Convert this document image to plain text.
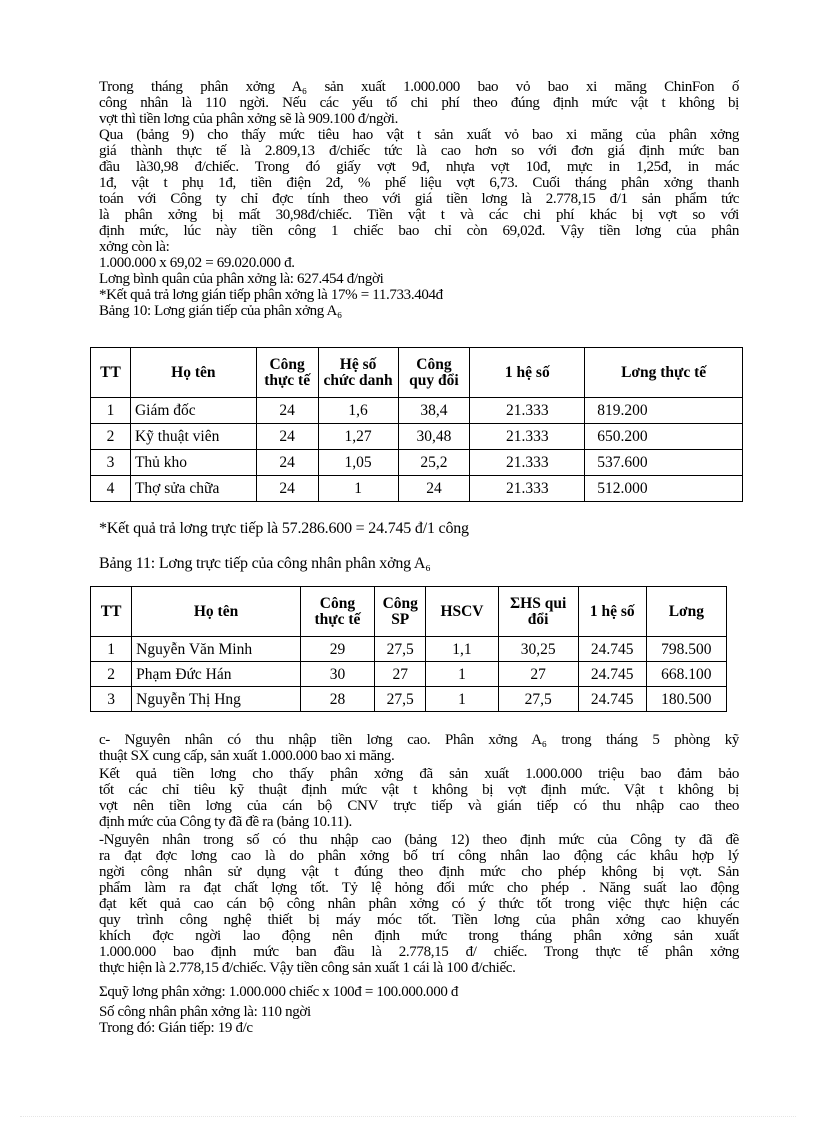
Trong tháng phân xởng A₆ sản xuất 1.000.000 bao vỏ bao xi măng ChinFon ố
công nhân là 110 ngời. Nếu các yếu tố chi phí theo đúng định mức vật t không bị
vợt thì tiền lơng của phân xởng sẽ là 909.100 đ/ngời.
Qua (bảng 9) cho thấy mức tiêu hao vật t sản xuất vỏ bao xi măng của phân xởng
giá thành thực tế là 2.809,13 đ/chiếc tức là cao hơn so với đơn giá định mức ban
đầu là30,98 đ/chiếc. Trong đó giấy vợt 9đ, nhựa vợt 10đ, mực in 1,25đ, in mác
1đ, vật t phụ 1đ, tiền điện 2đ, % phế liệu vợt 6,73. Cuối tháng phân xởng thanh
toán với Công ty chỉ đợc tính theo với giá tiền lơng là 2.778,15 đ/1 sản phẩm tức
là phân xởng bị mất 30,98đ/chiếc. Tiền vật t và các chi phí khác bị vợt so với
định mức, lúc này tiền công 1 chiếc bao chỉ còn 69,02đ. Vậy tiền lơng của phân
xởng còn là:
1.000.000 x 69,02 = 69.020.000 đ.
Lơng bình quân của phân xởng là: 627.454 đ/ngời
*Kết quả trả lơng gián tiếp phân xởng là 17% = 11.733.404đ
Bảng 10: Lơng gián tiếp của phân xởng A₆
TT	Họ tên	Công thực tế	Hệ số chức danh	Công quy đổi	1 hệ số	Lơng thực tế
1	Giám đốc	24	1,6	38,4	21.333	819.200
2	Kỹ thuật viên	24	1,27	30,48	21.333	650.200
3	Thủ kho	24	1,05	25,2	21.333	537.600
4	Thợ sửa chữa	24	1	24	21.333	512.000
*Kết quả trả lơng trực tiếp là 57.286.600 = 24.745 đ/1 công
Bảng 11: Lơng trực tiếp của công nhân phân xởng A₆
TT	Họ tên	Công thực tế	Công SP	HSCV	ΣHS qui đổi	1 hệ số	Lơng
1	Nguyễn Văn Minh	29	27,5	1,1	30,25	24.745	798.500
2	Phạm Đức Hán	30	27	1	27	24.745	668.100
3	Nguyễn Thị Hng	28	27,5	1	27,5	24.745	180.500
c- Nguyên nhân có thu nhập tiền lơng cao. Phân xởng A₆ trong tháng 5 phòng kỹ
thuật SX cung cấp, sản xuất 1.000.000 bao xi măng.
Kết quả tiền lơng cho thấy phân xởng đã sản xuất 1.000.000 triệu bao đảm bảo
tốt các chỉ tiêu kỹ thuật định mức vật t không bị vợt định mức. Vật t không bị
vợt nên tiền lơng của cán bộ CNV trực tiếp và gián tiếp có thu nhập cao theo
định mức của Công ty đã đề ra (bảng 10.11).
-Nguyên nhân trong số có thu nhập cao (bảng 12) theo định mức của Công ty đã đề
ra đạt đợc lơng cao là do phân xởng bố trí công nhân lao động các khâu hợp lý
ngời công nhân sử dụng vật t đúng theo định mức cho phép không bị vợt. Sản
phẩm làm ra đạt chất lợng tốt. Tỷ lệ hỏng đối mức cho phép . Năng suất lao động
đạt kết quả cao cán bộ công nhân phân xởng có ý thức tốt trong việc thực hiện các
quy trình công nghệ thiết bị máy móc tốt. Tiền lơng của phân xởng cao khuyến
khích đợc ngời lao động nên định mức trong tháng phân xởng sản xuất
1.000.000 bao định mức ban đầu là 2.778,15 đ/ chiếc. Trong thực tế phân xởng
thực hiện là 2.778,15 đ/chiếc. Vậy tiền công sản xuất 1 cái là 100 đ/chiếc.
Σquỹ lơng phân xởng: 1.000.000 chiếc x 100đ = 100.000.000 đ
Số công nhân phân xởng là: 110 ngời
Trong đó: Gián tiếp: 19 đ/c
